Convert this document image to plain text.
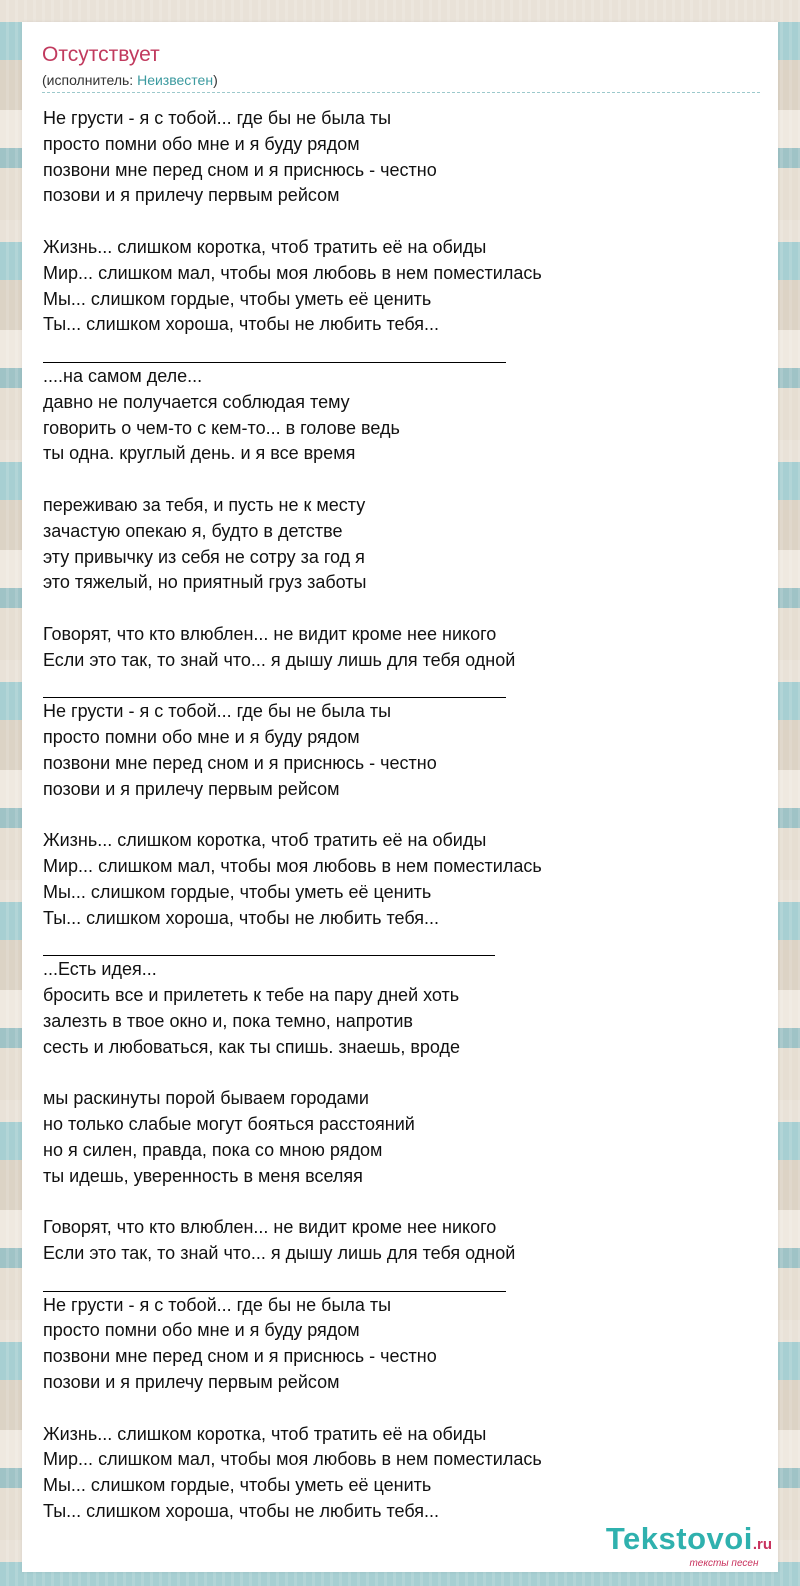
Отсутствует
(исполнитель: Неизвестен)
Не грусти - я с тобой... где бы не была ты
просто помни обо мне и я буду рядом
позвони мне перед сном и я приснюсь - честно
позови и я прилечу первым рейсом
Жизнь... слишком коротка, чтоб тратить её на обиды
Мир... слишком мал, чтобы моя любовь в нем поместилась
Мы... слишком гордые, чтобы уметь её ценить
Ты... слишком хороша, чтобы не любить тебя...
....на самом деле...
давно не получается соблюдая тему
говорить о чем-то с кем-то... в голове ведь
ты одна. круглый день. и я все время
переживаю за тебя, и пусть не к месту
зачастую опекаю я, будто в детстве
эту привычку из себя не сотру за год я
это тяжелый, но приятный груз заботы
Говорят, что кто влюблен... не видит кроме нее никого
Если это так, то знай что... я дышу лишь для тебя одной
Не грусти - я с тобой... где бы не была ты
просто помни обо мне и я буду рядом
позвони мне перед сном и я приснюсь - честно
позови и я прилечу первым рейсом
Жизнь... слишком коротка, чтоб тратить её на обиды
Мир... слишком мал, чтобы моя любовь в нем поместилась
Мы... слишком гордые, чтобы уметь её ценить
Ты... слишком хороша, чтобы не любить тебя...
...Есть идея...
бросить все и прилететь к тебе на пару дней хоть
залезть в твое окно и, пока темно, напротив
сесть и любоваться, как ты спишь. знаешь, вроде
мы раскинуты порой бываем городами
но только слабые могут бояться расстояний
но я силен, правда, пока со мною рядом
ты идешь, уверенность в меня вселяя
Говорят, что кто влюблен... не видит кроме нее никого
Если это так, то знай что... я дышу лишь для тебя одной
Не грусти - я с тобой... где бы не была ты
просто помни обо мне и я буду рядом
позвони мне перед сном и я приснюсь - честно
позови и я прилечу первым рейсом
Жизнь... слишком коротка, чтоб тратить её на обиды
Мир... слишком мал, чтобы моя любовь в нем поместилась
Мы... слишком гордые, чтобы уметь её ценить
Ты... слишком хороша, чтобы не любить тебя...
Tekstovoi.ru
тексты песен
